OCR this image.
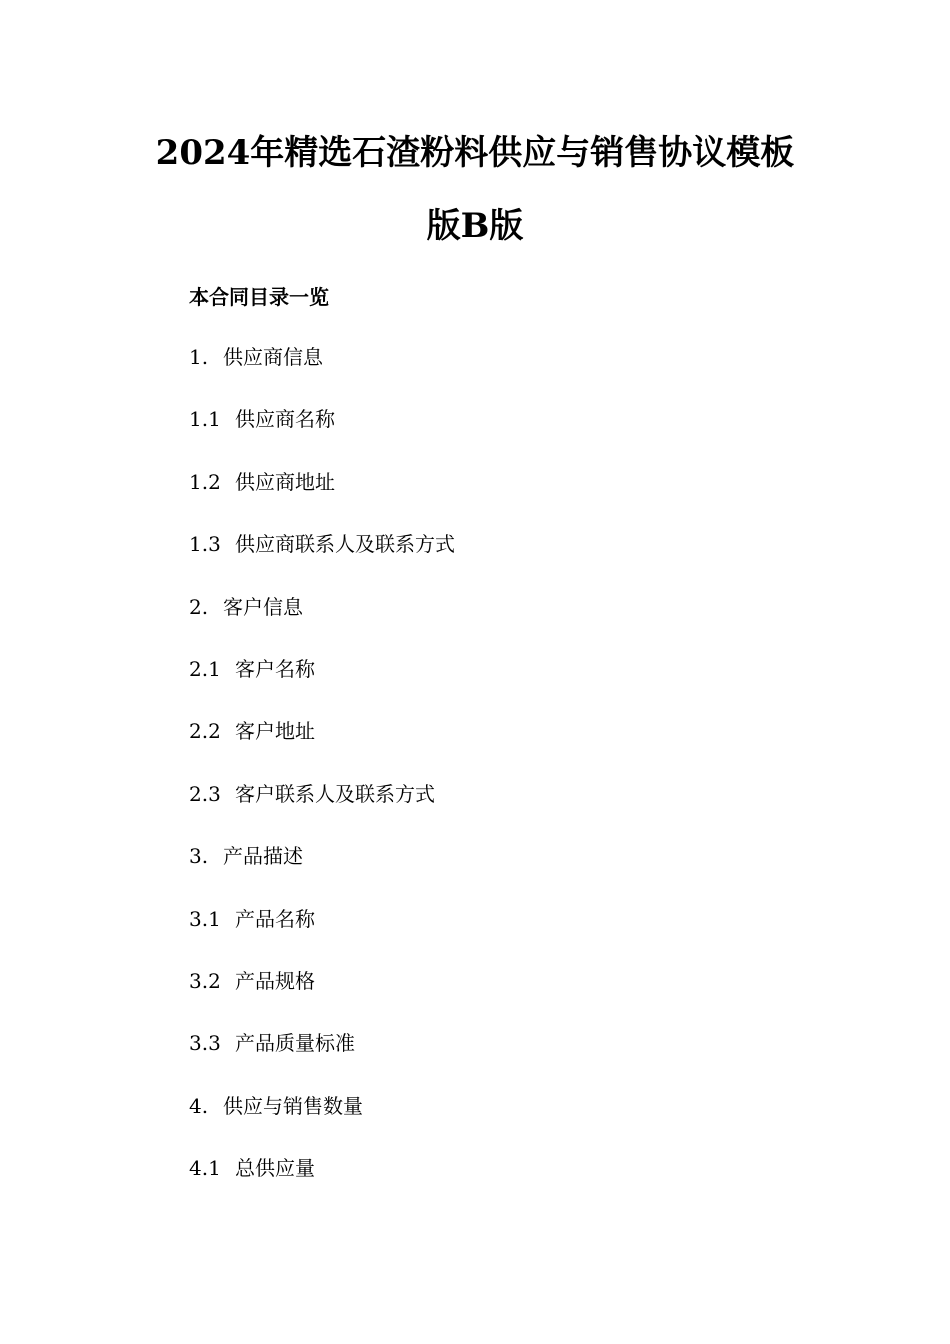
2024年精选石渣粉料供应与销售协议模板
版B版
本合同目录一览
1. 供应商信息
1.1 供应商名称
1.2 供应商地址
1.3 供应商联系人及联系方式
2. 客户信息
2.1 客户名称
2.2 客户地址
2.3 客户联系人及联系方式
3. 产品描述
3.1 产品名称
3.2 产品规格
3.3 产品质量标准
4. 供应与销售数量
4.1 总供应量
